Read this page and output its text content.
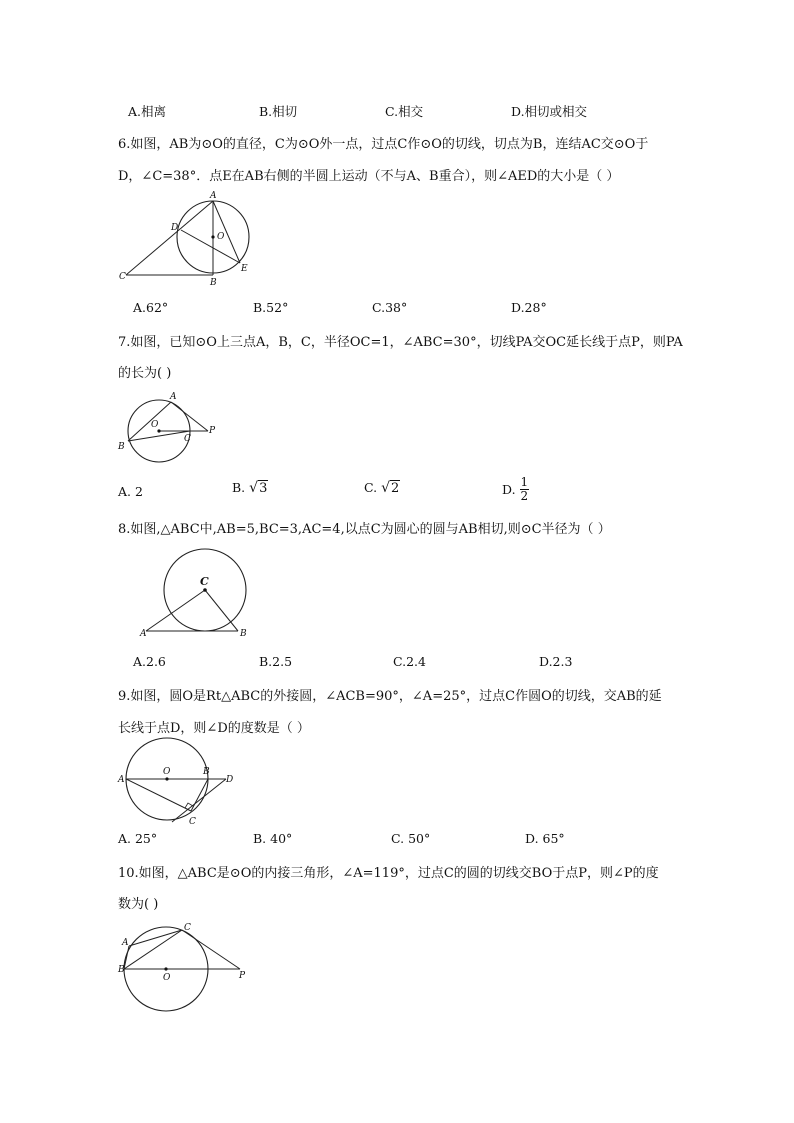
A.相离	B.相切	C.相交	D.相切或相交
6.如图，AB为⊙O的直径，C为⊙O外一点，过点C作⊙O的切线，切点为B，连结AC交⊙O于
D，∠C=38°．点E在AB右侧的半圆上运动（不与A、B重合），则∠AED的大小是（ ）
A
D
O
C
B
E
A.62°	B.52°	C.38°	D.28°
7.如图，已知⊙O上三点A，B，C，半径OC=1，∠ABC=30°，切线PA交OC延长线于点P，则PA
的长为( )
A
O
C
P
B
A. 2	B. √3	C. √2	D. $\frac{1}{2}$
8.如图,△ABC中,AB=5,BC=3,AC=4,以点C为圆心的圆与AB相切,则⊙C半径为（ ）
C
A	B
A.2.6	B.2.5	C.2.4	D.2.3
9.如图，圆O是Rt△ABC的外接圆，∠ACB=90°，∠A=25°，过点C作圆O的切线，交AB的延
长线于点D，则∠D的度数是（ ）
A
O	B
D
C
A. 25°	B. 40°	C. 50°	D. 65°
10.如图，△ABC是⊙O的内接三角形，∠A=119°，过点C的圆的切线交BO于点P，则∠P的度
数为( )
A
C
B
O	P
